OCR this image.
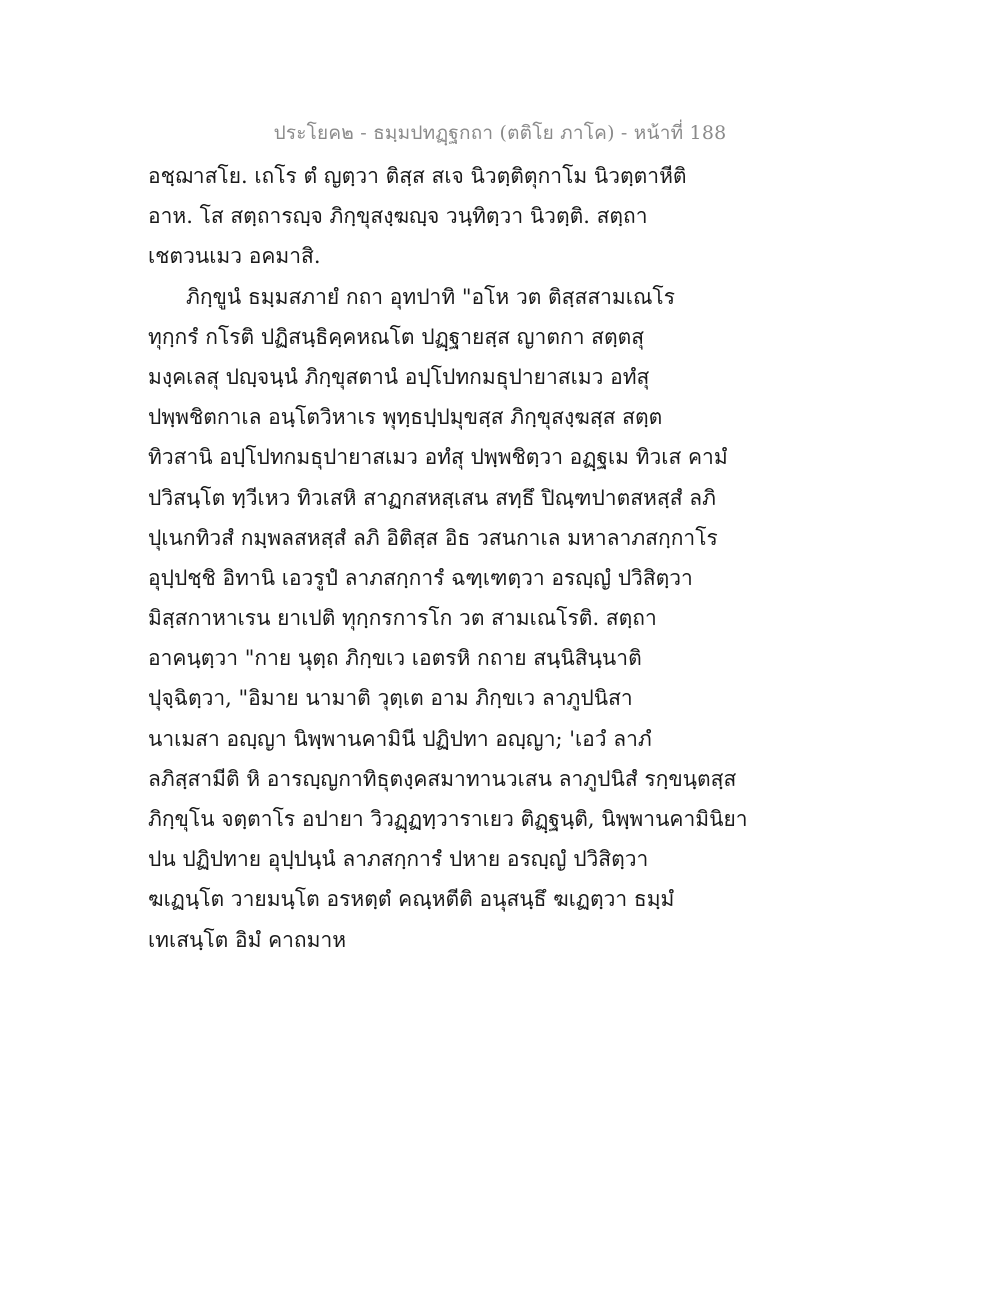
ประโยค๒ - ธมฺมปทฏฺฐกถา (ตติโย ภาโค) - หน้าที่ 188
อชฺฌาสโย. เถโร ตํ ญตฺวา ติสฺส สเจ นิวตฺติตุกาโม นิวตฺตาหีติ
อาห. โส สตฺถารญฺจ ภิกฺขุสงฺฆญฺจ วนฺทิตฺวา นิวตฺติ. สตฺถา
เชตวนเมว อคมาสิ.
ภิกฺขูนํ ธมฺมสภายํ กถา อุทปาทิ "อโห วต ติสฺสสามเณโร
ทุกฺกรํ กโรติ ปฏิสนฺธิคฺคหณโต ปฏฺฐายสฺส ญาตกา สตฺตสุ
มงฺคเลสุ ปญฺจนฺนํ ภิกฺขุสตานํ อปฺโปทกมธุปายาสเมว อทํสุ
ปพฺพชิตกาเล อนฺโตวิหาเร พุทฺธปฺปมุขสฺส ภิกฺขุสงฺฆสฺส สตฺต
ทิวสานิ อปฺโปทกมธุปายาสเมว อทํสุ ปพฺพชิตฺวา อฏฺฐเม ทิวเส คามํ
ปวิสนฺโต ทฺวีเหว ทิวเสหิ สาฏกสหสฺเสน สทฺธึ ปิณฺฑปาตสหสฺสํ ลภิ
ปุเนกทิวสํ กมฺพลสหสฺสํ ลภิ อิติสฺส อิธ วสนกาเล มหาลาภสกฺกาโร
อุปฺปชฺชิ อิทานิ เอวรูปํ ลาภสกฺการํ ฉฑฺเฑตฺวา อรญฺญํ ปวิสิตฺวา
มิสฺสกาหาเรน ยาเปติ ทุกฺกรการโก วต สามเณโรติ. สตฺถา
อาคนฺตฺวา "กาย นุตฺถ ภิกฺขเว เอตรหิ กถาย สนฺนิสินฺนาติ
ปุจฺฉิตฺวา, "อิมาย นามาติ วุตฺเต อาม ภิกฺขเว ลาภูปนิสา
นาเมสา อญฺญา นิพฺพานคามินี ปฏิปทา อญฺญา; 'เอวํ ลาภํ
ลภิสฺสามีติ หิ อารญฺญกาทิธุตงฺคสมาทานวเสน ลาภูปนิสํ รกฺขนฺตสฺส
ภิกฺขุโน จตฺตาโร อปายา วิวฏฺฏทฺวาราเยว ติฏฺฐนฺติ, นิพฺพานคามินิยา
ปน ปฏิปทาย อุปฺปนฺนํ ลาภสกฺการํ ปหาย อรญฺญํ ปวิสิตฺวา
ฆเฏนฺโต วายมนฺโต อรหตฺตํ คณฺหตีติ อนุสนฺธึ ฆเฏตฺวา ธมฺมํ
เทเสนฺโต อิมํ คาถมาห
